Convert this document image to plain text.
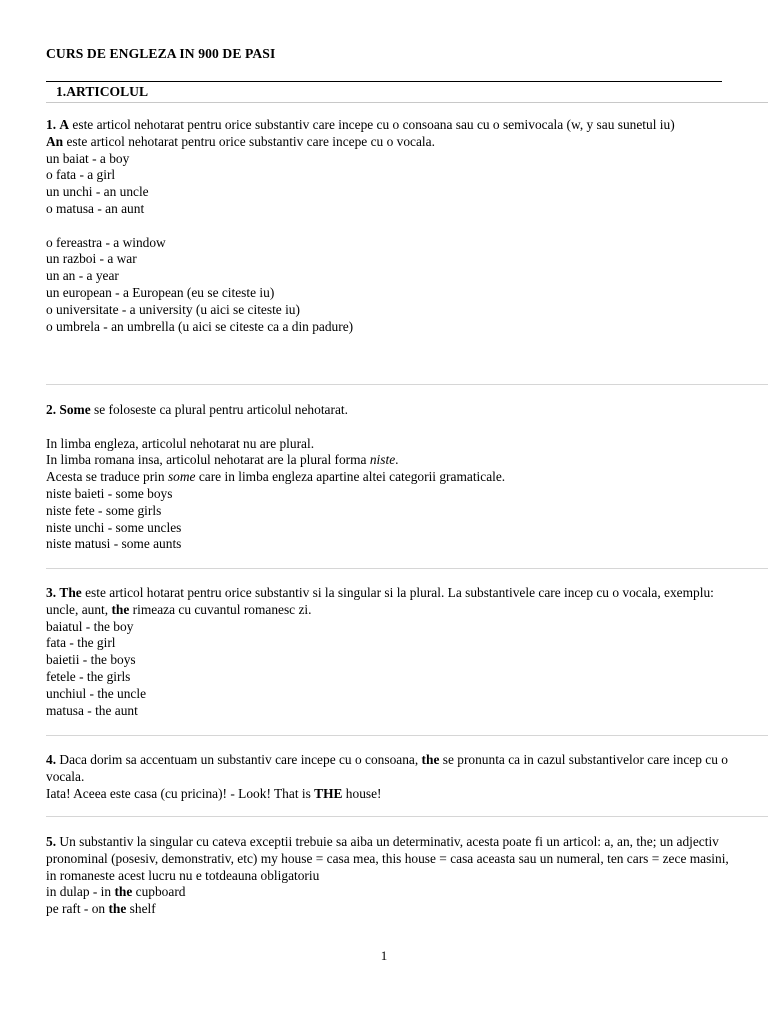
CURS DE ENGLEZA IN 900 DE PASI
1.ARTICOLUL
1. A este articol nehotarat pentru orice substantiv care incepe cu o consoana sau cu o semivocala (w, y sau sunetul iu)
An este articol nehotarat pentru orice substantiv care incepe cu o vocala.
un baiat - a boy
o fata - a girl
un unchi - an uncle
o matusa - an aunt
o fereastra - a window
un razboi - a war
un an - a year
un european - a European (eu se citeste iu)
o universitate - a university (u aici se citeste iu)
o umbrela - an umbrella (u aici se citeste ca a din padure)
2. Some se foloseste ca plural pentru articolul nehotarat.
In limba engleza, articolul nehotarat nu are plural.
In limba romana insa, articolul nehotarat are la plural forma niste.
Acesta se traduce prin some care in limba engleza apartine altei categorii gramaticale.
niste baieti - some boys
niste fete - some girls
niste unchi - some uncles
niste matusi - some aunts
3. The este articol hotarat pentru orice substantiv si la singular si la plural. La substantivele care incep cu o vocala, exemplu: uncle, aunt, the rimeaza cu cuvantul romanesc zi.
baiatul - the boy
fata - the girl
baietii - the boys
fetele - the girls
unchiul - the uncle
matusa - the aunt
4. Daca dorim sa accentuam un substantiv care incepe cu o consoana, the se pronunta ca in cazul substantivelor care incep cu o vocala.
Iata! Aceea este casa (cu pricina)! - Look! That is THE house!
5. Un substantiv la singular cu cateva exceptii trebuie sa aiba un determinativ, acesta poate fi un articol: a, an, the; un adjectiv pronominal (posesiv, demonstrativ, etc) my house = casa mea, this house = casa aceasta sau un numeral, ten cars = zece masini, in romaneste acest lucru nu e totdeauna obligatoriu
in dulap - in the cupboard
pe raft - on the shelf
1
